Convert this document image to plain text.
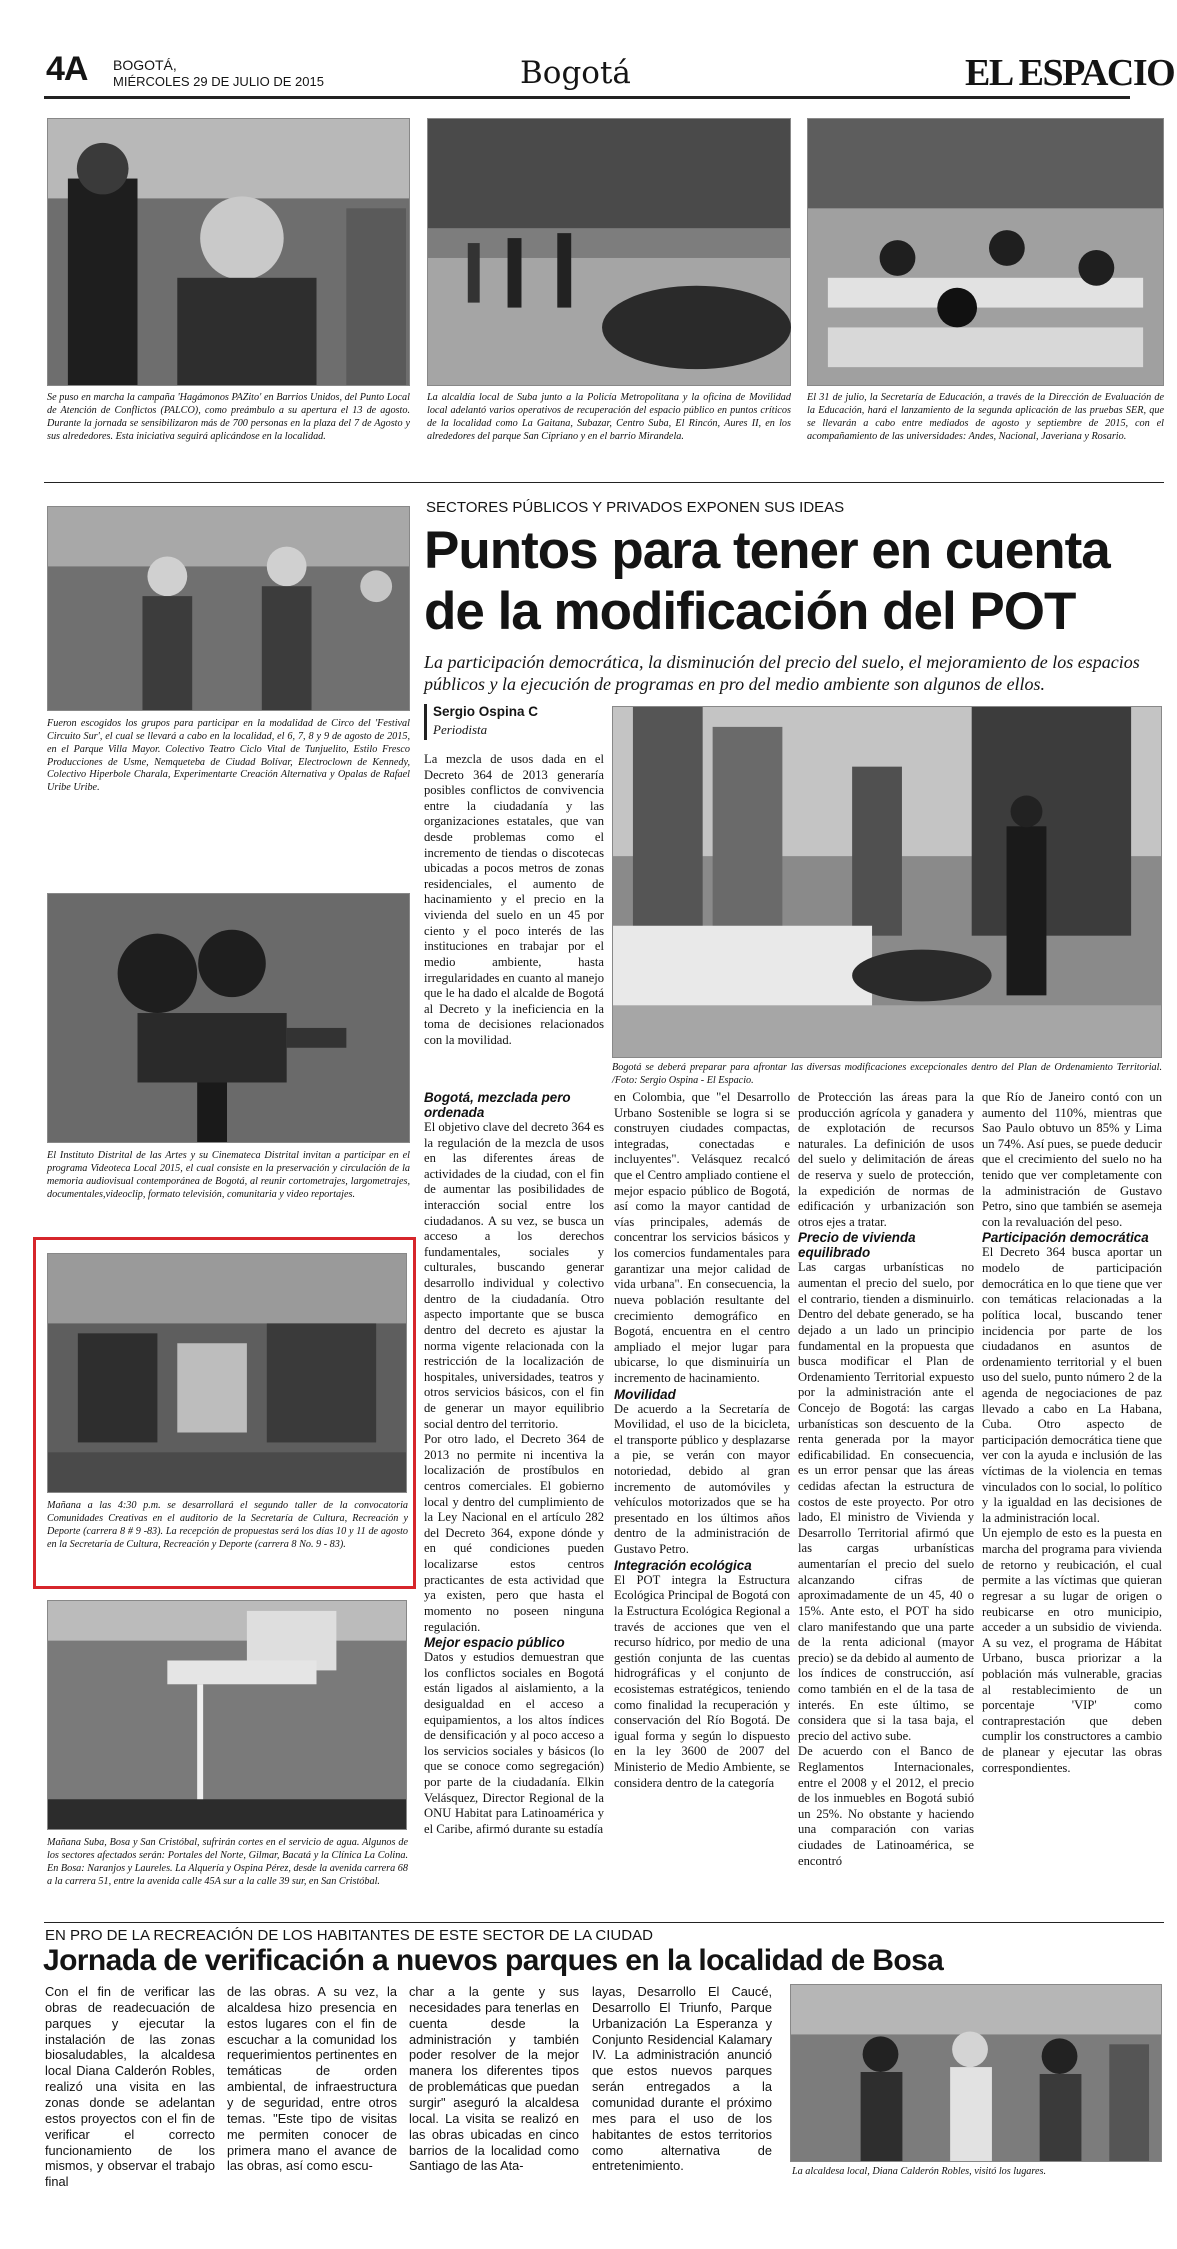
4A BOGOTÁ,
MIÉRCOLES 29 DE JULIO DE 2015	Bogotá	EL ESPACIO
Se puso en marcha la campaña 'Hagámonos PAZito' en Barrios Unidos, del Punto Local de Atención de Conflictos (PALCO), como preámbulo a su apertura el 13 de agosto. Durante la jornada se sensibilizaron más de 700 personas en la plaza del 7 de Agosto y sus alrededores. Esta iniciativa seguirá aplicándose en la localidad.
La alcaldía local de Suba junto a la Policía Metropolitana y la oficina de Movilidad local adelantó varios operativos de recuperación del espacio público en puntos críticos de la localidad como La Gaitana, Subazar, Centro Suba, El Rincón, Aures II, en los alrededores del parque San Cipriano y en el barrio Mirandela.
El 31 de julio, la Secretaría de Educación, a través de la Dirección de Evaluación de la Educación, hará el lanzamiento de la segunda aplicación de las pruebas SER, que se llevarán a cabo entre mediados de agosto y septiembre de 2015, con el acompañamiento de las universidades: Andes, Nacional, Javeriana y Rosario.
Fueron escogidos los grupos para participar en la modalidad de Circo del 'Festival Circuito Sur', el cual se llevará a cabo en la localidad, el 6, 7, 8 y 9 de agosto de 2015, en el Parque Villa Mayor. Colectivo Teatro Ciclo Vital de Tunjuelito, Estilo Fresco Producciones de Usme, Nemqueteba de Ciudad Bolívar, Electroclown de Kennedy, Colectivo Hiperbole Charala, Experimentarte Creación Alternativa y Opalas de Rafael Uribe Uribe.
El Instituto Distrital de las Artes y su Cinemateca Distrital invitan a participar en el programa Videoteca Local 2015, el cual consiste en la preservación y circulación de la memoria audiovisual contemporánea de Bogotá, al reunir cortometrajes, largometrajes, documentales,videoclip, formato televisión, comunitaria y video reportajes.
Mañana a las 4:30 p.m. se desarrollará el segundo taller de la convocatoria Comunidades Creativas en el auditorio de la Secretaría de Cultura, Recreación y Deporte (carrera 8 # 9 -83). La recepción de propuestas será los días 10 y 11 de agosto en la Secretaría de Cultura, Recreación y Deporte (carrera 8 No. 9 - 83).
Mañana Suba, Bosa y San Cristóbal, sufrirán cortes en el servicio de agua. Algunos de los sectores afectados serán: Portales del Norte, Gilmar, Bacatá y la Clínica La Colina. En Bosa: Naranjos y Laureles. La Alquería y Ospina Pérez, desde la avenida carrera 68 a la carrera 51, entre la avenida calle 45A sur a la calle 39 sur, en San Cristóbal.
SECTORES PÚBLICOS Y PRIVADOS EXPONEN SUS IDEAS
Puntos para tener en cuenta
de la modificación del POT
La participación democrática, la disminución del precio del suelo, el mejoramiento de los espacios públicos y la ejecución de programas en pro del medio ambiente son algunos de ellos.
Sergio Ospina C
Periodista

La mezcla de usos dada en el Decreto 364 de 2013 generaría posibles conflictos de convivencia entre la ciudadanía y las organizaciones estatales, que van desde problemas como el incremento de tiendas o discotecas ubicadas a pocos metros de zonas residenciales, el aumento de hacinamiento y el precio en la vivienda del suelo en un 45 por ciento y el poco interés de las instituciones en trabajar por el medio ambiente, hasta irregularidades en cuanto al manejo que le ha dado el alcalde de Bogotá al Decreto y la ineficiencia en la toma de decisiones relacionados con la movilidad.

Bogotá se deberá preparar para afrontar las diversas modificaciones excepcionales dentro del Plan de Ordenamiento Territorial. /Foto: Sergio Ospina - El Espacio.

Bogotá, mezclada pero ordenada

El objetivo clave del decreto 364 es la regulación de la mezcla de usos en las diferentes áreas de actividades de la ciudad, con el fin de aumentar las posibilidades de interacción social entre los ciudadanos. A su vez, se busca un acceso a los derechos fundamentales, sociales y culturales, buscando generar desarrollo individual y colectivo dentro de la ciudadanía. Otro aspecto importante que se busca dentro del decreto es ajustar la norma vigente relacionada con la restricción de la localización de hospitales, universidades, teatros y otros servicios básicos, con el fin de generar un mayor equilibrio social dentro del territorio.

Por otro lado, el Decreto 364 de 2013 no permite ni incentiva la localización de prostíbulos en centros comerciales. El gobierno local y dentro del cumplimiento de la Ley Nacional en el artículo 282 del Decreto 364, expone dónde y en qué condiciones pueden localizarse estos centros practicantes de esta actividad que ya existen, pero que hasta el momento no poseen ninguna regulación.

Mejor espacio público

Datos y estudios demuestran que los conflictos sociales en Bogotá están ligados al aislamiento, a la desigualdad en el acceso a equipamientos, a los altos índices de densificación y al poco acceso a los servicios sociales y básicos (lo que se conoce como segregación) por parte de la ciudadanía. Elkin Velásquez, Director Regional de la ONU Habitat para Latinoamérica y el Caribe, afirmó durante su estadía

en Colombia, que "el Desarrollo Urbano Sostenible se logra si se construyen ciudades compactas, integradas, conectadas e incluyentes". Velásquez recalcó que el Centro ampliado contiene el mejor espacio público de Bogotá, así como la mayor cantidad de vías principales, además de concentrar los servicios básicos y los comercios fundamentales para garantizar una mejor calidad de vida urbana". En consecuencia, la nueva población resultante del crecimiento demográfico en Bogotá, encuentra en el centro ampliado el mejor lugar para ubicarse, lo que disminuiría un incremento de hacinamiento.

Movilidad

De acuerdo a la Secretaría de Movilidad, el uso de la bicicleta, el transporte público y desplazarse a pie, se verán con mayor notoriedad, debido al gran incremento de automóviles y vehículos motorizados que se ha presentado en los últimos años dentro de la administración de Gustavo Petro.

Integración ecológica

El POT integra la Estructura Ecológica Principal de Bogotá con la Estructura Ecológica Regional a través de acciones que ven el recurso hídrico, por medio de una gestión conjunta de las cuentas hidrográficas y el conjunto de ecosistemas estratégicos, teniendo como finalidad la recuperación y conservación del Río Bogotá. De igual forma y según lo dispuesto en la ley 3600 de 2007 del Ministerio de Medio Ambiente, se considera dentro de la categoría

de Protección las áreas para la producción agrícola y ganadera y de explotación de recursos naturales. La definición de usos del suelo y delimitación de áreas de reserva y suelo de protección, la expedición de normas de edificación y urbanización son otros ejes a tratar.

Precio de vivienda equilibrado

Las cargas urbanísticas no aumentan el precio del suelo, por el contrario, tienden a disminuirlo. Dentro del debate generado, se ha dejado a un lado un principio fundamental en la propuesta que busca modificar el Plan de Ordenamiento Territorial expuesto por la administración ante el Concejo de Bogotá: las cargas urbanísticas son descuento de la renta generada por la mayor edificabilidad. En consecuencia, es un error pensar que las áreas cedidas afectan la estructura de costos de este proyecto. Por otro lado, El ministro de Vivienda y Desarrollo Territorial afirmó que las cargas urbanísticas aumentarían el precio del suelo alcanzando cifras de aproximadamente de un 45, 40 o 15%. Ante esto, el POT ha sido claro manifestando que una parte de la renta adicional (mayor precio) se da debido al aumento de los índices de construcción, así como también en el de la tasa de interés. En este último, se considera que si la tasa baja, el precio del activo sube.

De acuerdo con el Banco de Reglamentos Internacionales, entre el 2008 y el 2012, el precio de los inmuebles en Bogotá subió un 25%. No obstante y haciendo una comparación con varias ciudades de Latinoamérica, se encontró

que Río de Janeiro contó con un aumento del 110%, mientras que Sao Paulo obtuvo un 85% y Lima un 74%. Así pues, se puede deducir que el crecimiento del suelo no ha tenido que ver completamente con la administración de Gustavo Petro, sino que también se asemeja con la revaluación del peso.

Participación democrática

El Decreto 364 busca aportar un modelo de participación democrática en lo que tiene que ver con temáticas relacionadas a la política local, buscando tener incidencia por parte de los ciudadanos en asuntos de ordenamiento territorial y el buen uso del suelo, punto número 2 de la agenda de negociaciones de paz llevado a cabo en La Habana, Cuba. Otro aspecto de participación democrática tiene que ver con la ayuda e inclusión de las víctimas de la violencia en temas vinculados con lo social, lo político y la igualdad en las decisiones de la administración local.

Un ejemplo de esto es la puesta en marcha del programa para vivienda de retorno y reubicación, el cual permite a las víctimas que quieran regresar a su lugar de origen o reubicarse en otro municipio, acceder a un subsidio de vivienda. A su vez, el programa de Hábitat Urbano, busca priorizar a la población más vulnerable, gracias al restablecimiento de un porcentaje 'VIP' como contraprestación que deben cumplir los constructores a cambio de planear y ejecutar las obras correspondientes.

EN PRO DE LA RECREACIÓN DE LOS HABITANTES DE ESTE SECTOR DE LA CIUDAD
Jornada de verificación a nuevos parques en la localidad de Bosa

Con el fin de verificar las obras de readecuación de parques y ejecutar la instalación de las zonas biosaludables, la alcaldesa local Diana Calderón Robles, realizó una visita en las zonas donde se adelantan estos proyectos con el fin de verificar el correcto funcionamiento de los mismos, y observar el trabajo final

de las obras. A su vez, la alcaldesa hizo presencia en estos lugares con el fin de escuchar a la comunidad los requerimientos pertinentes en temáticas de orden ambiental, de infraestructura y de seguridad, entre otros temas. "Este tipo de visitas me permiten conocer de primera mano el avance de las obras, así como escu-

char a la gente y sus necesidades para tenerlas en cuenta desde la administración y también poder resolver de la mejor manera los diferentes tipos de problemáticas que puedan surgir" aseguró la alcaldesa local. La visita se realizó en las obras ubicadas en cinco barrios de la localidad como Santiago de las Ata-

layas, Desarrollo El Caucé, Desarrollo El Triunfo, Parque Urbanización La Esperanza y Conjunto Residencial Kalamary IV. La administración anunció que estos nuevos parques serán entregados a la comunidad durante el próximo mes para el uso de los habitantes de estos territorios como alternativa de entretenimiento.	La alcaldesa local, Diana Calderón Robles, visitó los lugares.
